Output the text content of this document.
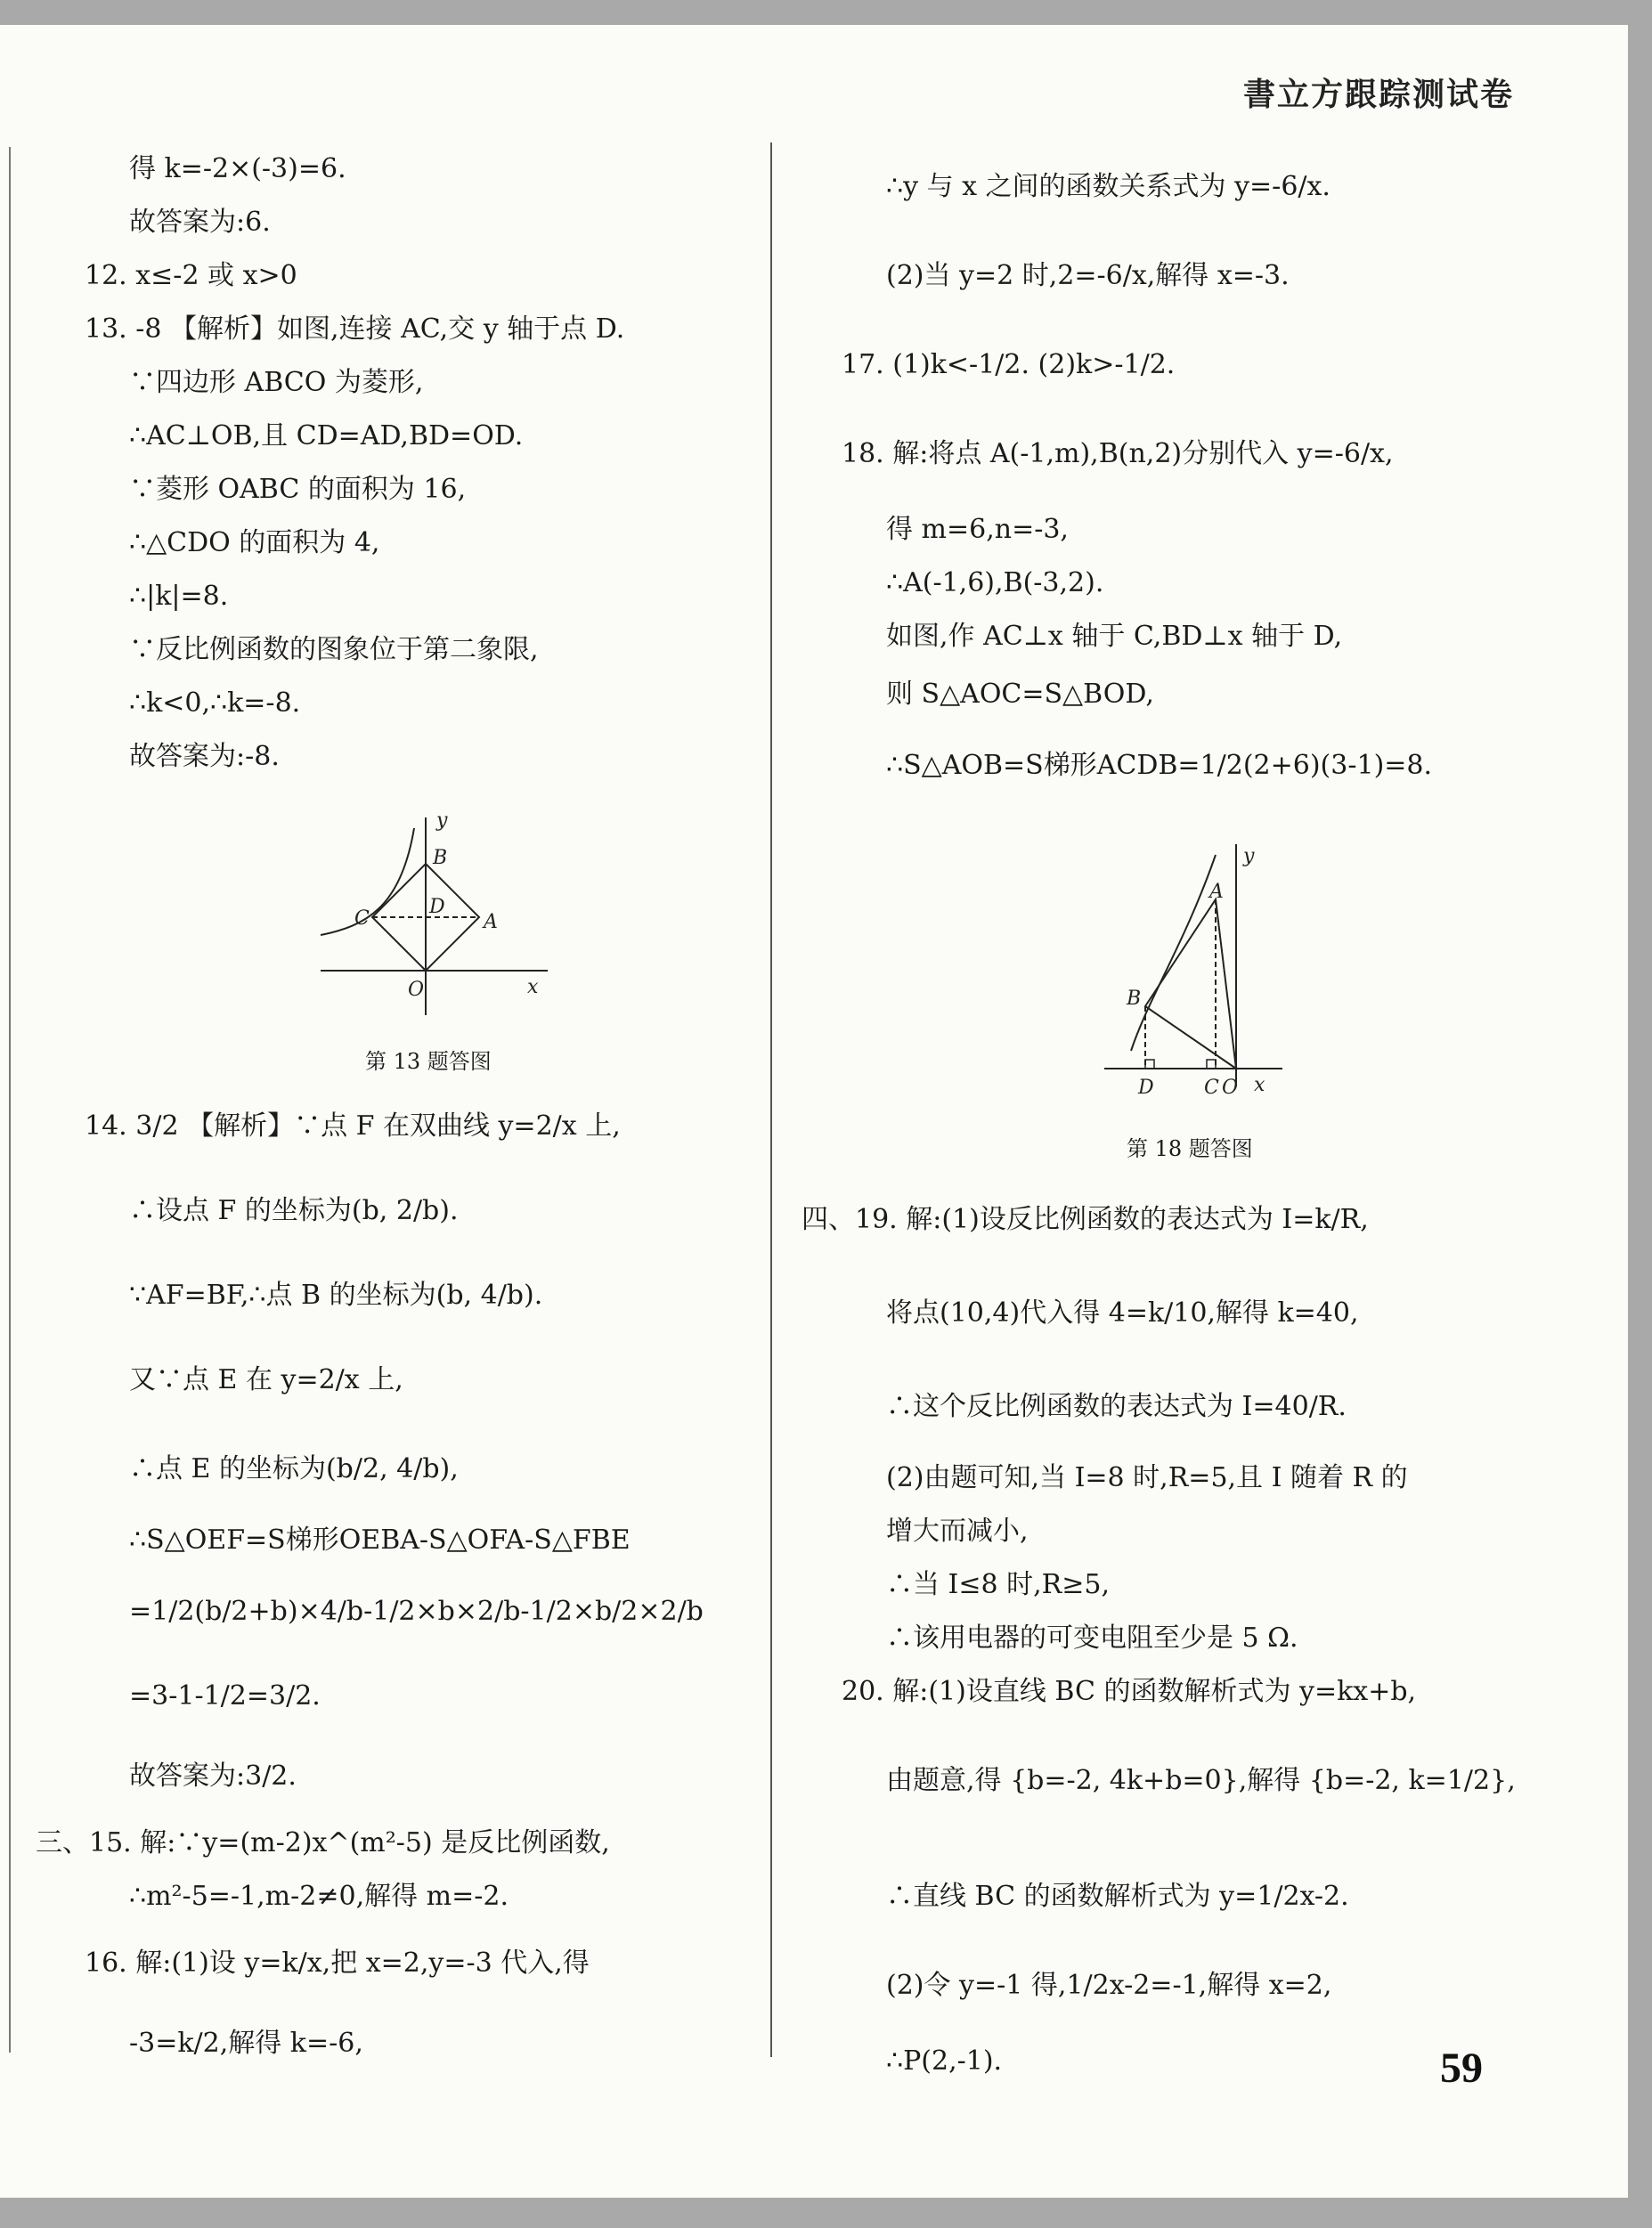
書立方跟踪测试卷
得 k=-2×(-3)=6.
故答案为:6.
12. x≤-2 或 x>0
13. -8 【解析】如图,连接 AC,交 y 轴于点 D.
∵四边形 ABCO 为菱形,
∴AC⊥OB,且 CD=AD,BD=OD.
∵菱形 OABC 的面积为 16,
∴△CDO 的面积为 4,
∴|k|=8.
∵反比例函数的图象位于第二象限,
∴k<0,∴k=-8.
故答案为:-8.
y
B
C
D
A
O	x
第 13 题答图
14. 3/2 【解析】∵点 F 在双曲线 y=2/x 上,
∴设点 F 的坐标为(b, 2/b).
∵AF=BF,∴点 B 的坐标为(b, 4/b).
又∵点 E 在 y=2/x 上,
∴点 E 的坐标为(b/2, 4/b),
∴S△OEF=S梯形OEBA-S△OFA-S△FBE
=1/2(b/2+b)×4/b-1/2×b×2/b-1/2×b/2×2/b
=3-1-1/2=3/2.
故答案为:3/2.
三、15. 解:∵y=(m-2)x^(m²-5) 是反比例函数,
∴m²-5=-1,m-2≠0,解得 m=-2.
16. 解:(1)设 y=k/x,把 x=2,y=-3 代入,得
-3=k/2,解得 k=-6,
∴y 与 x 之间的函数关系式为 y=-6/x.
(2)当 y=2 时,2=-6/x,解得 x=-3.
17. (1)k<-1/2. (2)k>-1/2.
18. 解:将点 A(-1,m),B(n,2)分别代入 y=-6/x,
得 m=6,n=-3,
∴A(-1,6),B(-3,2).
如图,作 AC⊥x 轴于 C,BD⊥x 轴于 D,
则 S△AOC=S△BOD,
∴S△AOB=S梯形ACDB=1/2(2+6)(3-1)=8.
y
A
B
D	C O x
第 18 题答图
四、19. 解:(1)设反比例函数的表达式为 I=k/R,
将点(10,4)代入得 4=k/10,解得 k=40,
∴这个反比例函数的表达式为 I=40/R.
(2)由题可知,当 I=8 时,R=5,且 I 随着 R 的
增大而减小,
∴当 I≤8 时,R≥5,
∴该用电器的可变电阻至少是 5 Ω.
20. 解:(1)设直线 BC 的函数解析式为 y=kx+b,
由题意,得 {b=-2, 4k+b=0},解得 {b=-2, k=1/2},
∴直线 BC 的函数解析式为 y=1/2x-2.
(2)令 y=-1 得,1/2x-2=-1,解得 x=2,
∴P(2,-1).	59
